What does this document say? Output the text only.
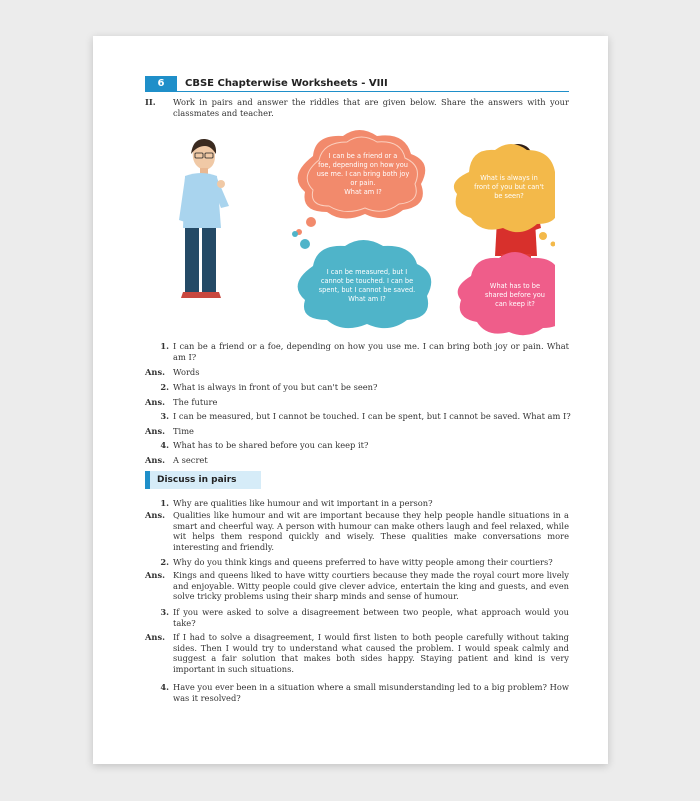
6	CBSE Chapterwise Worksheets - VIII
II. Work in pairs and answer the riddles that are given below. Share the answers with your classmates and teacher.
I can be a friend or a
foe, depending on how you
use me. I can bring both joy
or pain.
What am I?
What is always in
front of you but can't
be seen?
I can be measured, but I
cannot be touched. I can be
spent, but I cannot be saved.
What am I?
What has to be
shared before you
can keep it?
1. I can be a friend or a foe, depending on how you use me. I can bring both joy or pain. What am I?
Ans. Words
2. What is always in front of you but can't be seen?
Ans. The future
3. I can be measured, but I cannot be touched. I can be spent, but I cannot be saved. What am I?
Ans. Time
4. What has to be shared before you can keep it?
Ans. A secret
Discuss in pairs
1. Why are qualities like humour and wit important in a person?
Ans. Qualities like humour and wit are important because they help people handle situations in a smart and cheerful way. A person with humour can make others laugh and feel relaxed, while wit helps them respond quickly and wisely. These qualities make conversations more interesting and friendly.
2. Why do you think kings and queens preferred to have witty people among their courtiers?
Ans. Kings and queens liked to have witty courtiers because they made the royal court more lively and enjoyable. Witty people could give clever advice, entertain the king and guests, and even solve tricky problems using their sharp minds and sense of humour.
3. If you were asked to solve a disagreement between two people, what approach would you take?
Ans. If I had to solve a disagreement, I would first listen to both people carefully without taking sides. Then I would try to understand what caused the problem. I would speak calmly and suggest a fair solution that makes both sides happy. Staying patient and kind is very important in such situations.
4. Have you ever been in a situation where a small misunderstanding led to a big problem? How was it resolved?
